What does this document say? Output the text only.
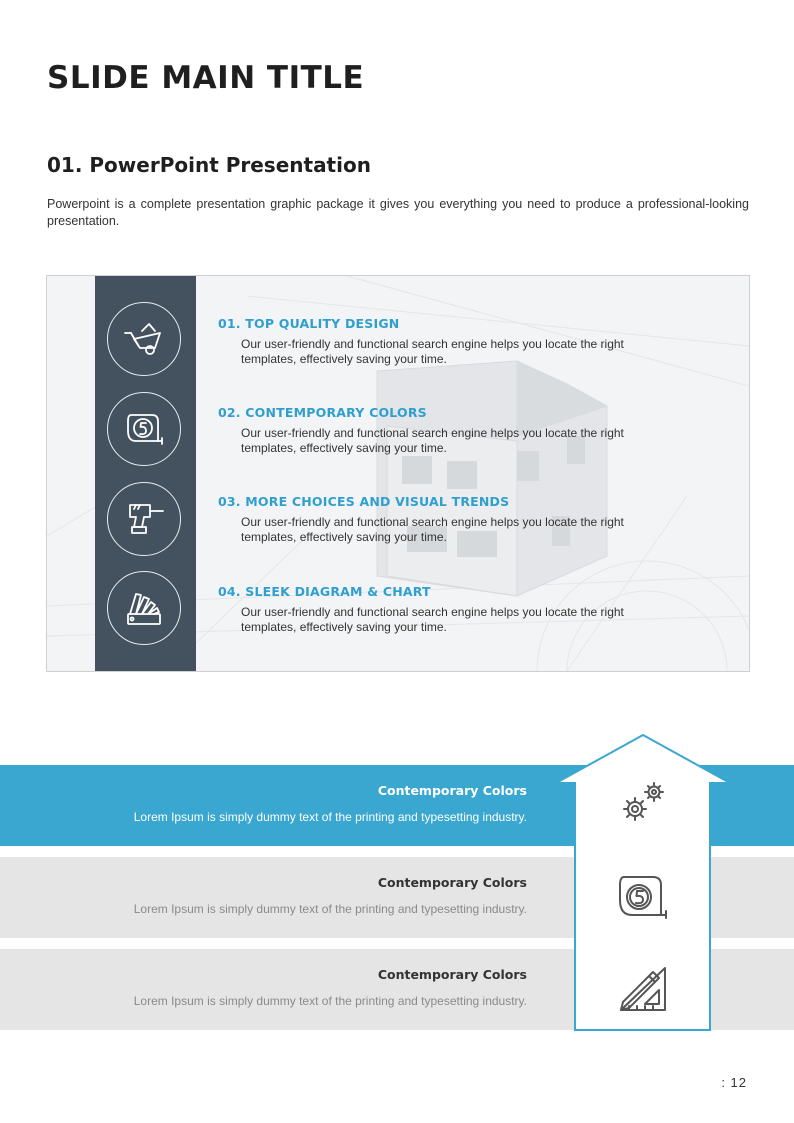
SLIDE MAIN TITLE
01. PowerPoint Presentation

Powerpoint is a complete presentation graphic package it gives you everything you need to produce a professional-looking presentation.

01. TOP QUALITY DESIGN
Our user-friendly and functional search engine helps you locate the right templates, effectively saving your time.
02. CONTEMPORARY COLORS
Our user-friendly and functional search engine helps you locate the right templates, effectively saving your time.
03. MORE CHOICES AND VISUAL TRENDS
Our user-friendly and functional search engine helps you locate the right templates, effectively saving your time.
04. SLEEK DIAGRAM & CHART
Our user-friendly and functional search engine helps you locate the right templates, effectively saving your time.
Contemporary Colors
Lorem Ipsum is simply dummy text of the printing and typesetting industry.
Contemporary Colors
Lorem Ipsum is simply dummy text of the printing and typesetting industry.
Contemporary Colors
Lorem Ipsum is simply dummy text of the printing and typesetting industry.
: 12
